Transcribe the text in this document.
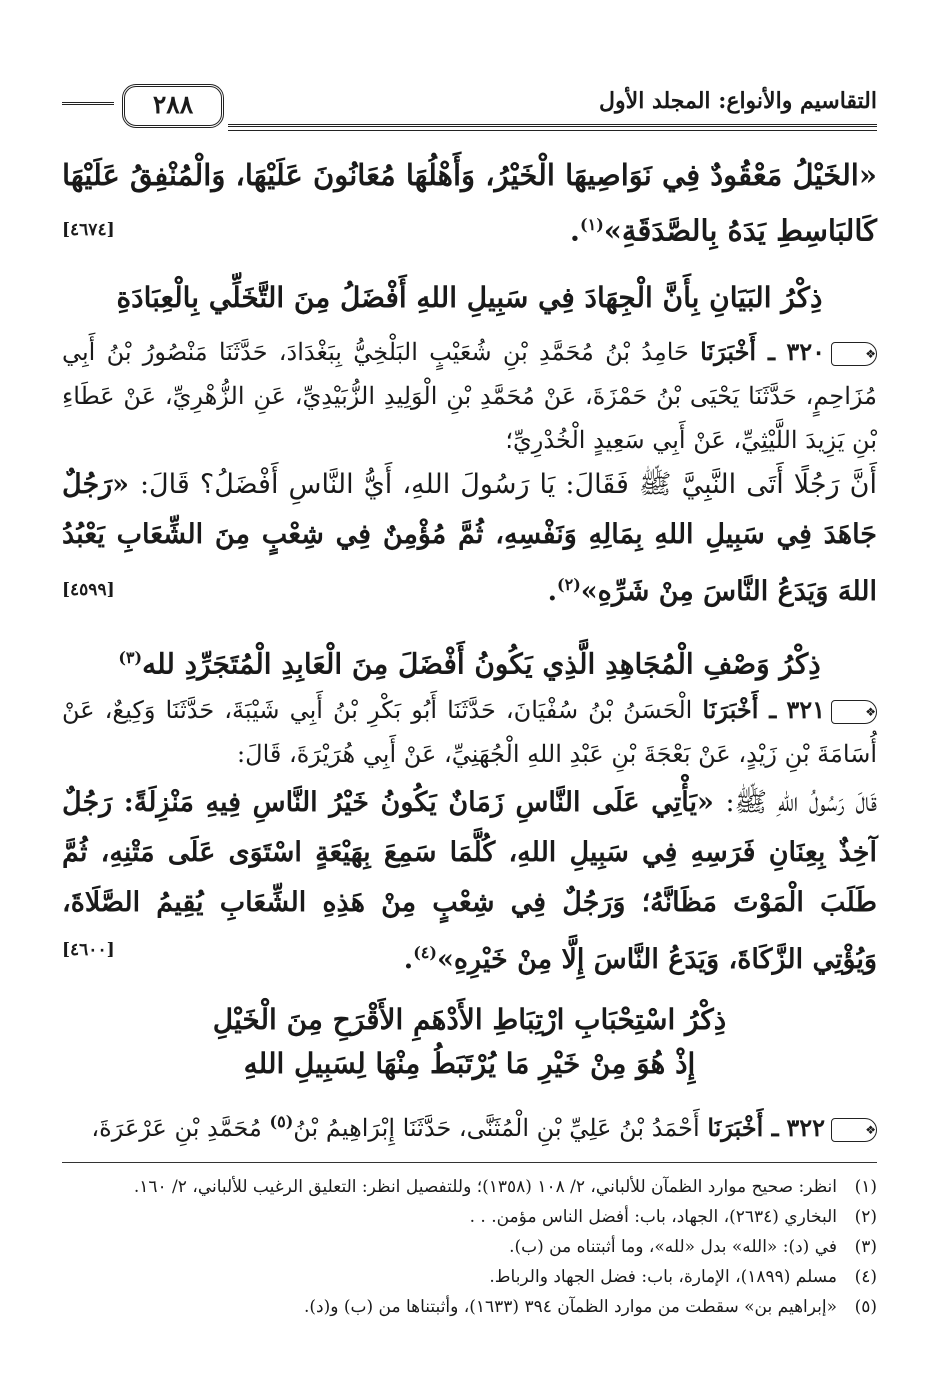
٢٨٨	التقاسيم والأنواع: المجلد الأول
«الخَيْلُ مَعْقُودٌ فِي نَوَاصِيهَا الْخَيْرُ، وَأَهْلُهَا مُعَانُونَ عَلَيْهَا، وَالْمُنْفِقُ عَلَيْهَا كَالبَاسِطِ يَدَهُ بِالصَّدَقَةِ»$^{(١)}$.
[٤٦٧٤]
ذِكْرُ البَيَانِ بِأَنَّ الْجِهَادَ فِي سَبِيلِ اللهِ أَفْضَلُ مِنَ التَّخَلِّي بِالْعِبَادَةِ
❖٣٢٠ ـ أَخْبَرَنَا حَامِدُ بْنُ مُحَمَّدِ بْنِ شُعَيْبٍ البَلْخِيُّ بِبَغْدَادَ، حَدَّثَنَا مَنْصُورُ بْنُ أَبِي مُزَاحِمٍ، حَدَّثَنَا يَحْيَى بْنُ حَمْزَةَ، عَنْ مُحَمَّدِ بْنِ الْوَلِيدِ الزُّبَيْدِيِّ، عَنِ الزُّهْرِيِّ، عَنْ عَطَاءِ بْنِ يَزِيدَ اللَّيْثِيِّ، عَنْ أَبِي سَعِيدٍ الْخُدْرِيِّ؛
أَنَّ رَجُلًا أَتَى النَّبِيَّ ﷺ فَقَالَ: يَا رَسُولَ اللهِ، أَيُّ النَّاسِ أَفْضَلُ؟ قَالَ: «رَجُلٌ جَاهَدَ فِي سَبِيلِ اللهِ بِمَالِهِ وَنَفْسِهِ، ثُمَّ مُؤْمِنٌ فِي شِعْبٍ مِنَ الشِّعَابِ يَعْبُدُ اللهَ وَيَدَعُ النَّاسَ مِنْ شَرِّهِ»$^{(٢)}$.
[٤٥٩٩]
ذِكْرُ وَصْفِ الْمُجَاهِدِ الَّذِي يَكُونُ أَفْضَلَ مِنَ الْعَابِدِ الْمُتَجَرِّدِ لله$^{(٣)}$
❖٣٢١ ـ أَخْبَرَنَا الْحَسَنُ بْنُ سُفْيَانَ، حَدَّثَنَا أَبُو بَكْرِ بْنُ أَبِي شَيْبَةَ، حَدَّثَنَا وَكِيعٌ، عَنْ أُسَامَةَ بْنِ زَيْدٍ، عَنْ بَعْجَةَ بْنِ عَبْدِ اللهِ الْجُهَنِيِّ، عَنْ أَبِي هُرَيْرَةَ، قَالَ:
قَالَ رَسُولُ اللهِ ﷺ: «يَأْتِي عَلَى النَّاسِ زَمَانٌ يَكُونُ خَيْرُ النَّاسِ فِيهِ مَنْزِلَةً: رَجُلٌ آخِذٌ بِعِنَانِ فَرَسِهِ فِي سَبِيلِ اللهِ، كُلَّمَا سَمِعَ بِهَيْعَةٍ اسْتَوَى عَلَى مَتْنِهِ، ثُمَّ طَلَبَ الْمَوْتَ مَظَانَّهُ؛ وَرَجُلٌ فِي شِعْبٍ مِنْ هَذِهِ الشِّعَابِ يُقِيمُ الصَّلَاةَ، وَيُؤْتِي الزَّكَاةَ، وَيَدَعُ النَّاسَ إِلَّا مِنْ خَيْرِهِ»$^{(٤)}$.
[٤٦٠٠]
ذِكْرُ اسْتِحْبَابِ ارْتِبَاطِ الأَدْهَمِ الأَقْرَحِ مِنَ الْخَيْلِ
إِذْ هُوَ مِنْ خَيْرِ مَا يُرْتَبَطُ مِنْهَا لِسَبِيلِ اللهِ
❖٣٢٢ ـ أَخْبَرَنَا أَحْمَدُ بْنُ عَلِيِّ بْنِ الْمُثَنَّى، حَدَّثَنَا إِبْرَاهِيمُ بْنُ$^{(٥)}$ مُحَمَّدِ بْنِ عَرْعَرَةَ،
(١)انظر: صحيح موارد الظمآن للألباني، ٢/ ١٠٨ (١٣٥٨)؛ وللتفصيل انظر: التعليق الرغيب للألباني، ٢/ ١٦٠.
(٢)البخاري (٢٦٣٤)، الجهاد، باب: أفضل الناس مؤمن. . .
(٣)في (د): «الله» بدل «لله»، وما أثبتناه من (ب).
(٤)مسلم (١٨٩٩)، الإمارة، باب: فضل الجهاد والرباط.
(٥)«إبراهيم بن» سقطت من موارد الظمآن ٣٩٤ (١٦٣٣)، وأثبتناها من (ب) و(د).
